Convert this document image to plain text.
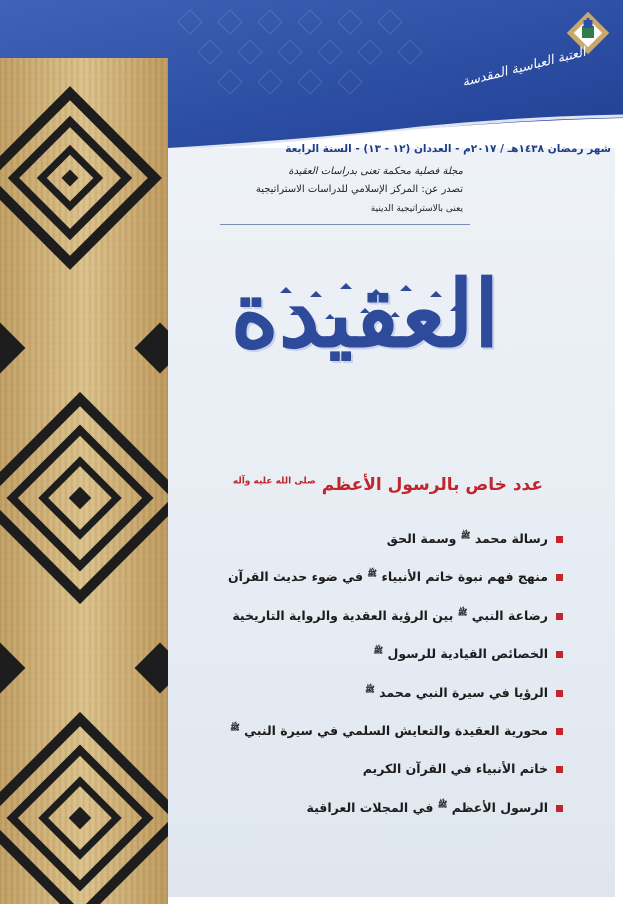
العتبة العباسية المقدسة
شهر رمضان ١٤٣٨هـ / ٢٠١٧م - العددان (١٢ - ١٣) - السنة الرابعة
مجلة فصلية محكمة تعنى بدراسات العقيدة
تصدر عن: المركز الإسلامي للدراسات الاستراتيجية
يعنى بالاستراتيجية الدينية
العقيدة
عدد خاص بالرسول الأعظم $^{صلى الله عليه وآله}$
رسالة محمد $^ﷺ$ وسمة الحق
منهج فهم نبوة خاتم الأنبياء $^ﷺ$ في ضوء حديث القرآن
رضاعة النبي $^ﷺ$ بين الرؤية العقدية والرواية التاريخية
الخصائص القيادية للرسول $^ﷺ$
الرؤيا في سيرة النبي محمد $^ﷺ$
محورية العقيدة والتعايش السلمي في سيرة النبي $^ﷺ$
خاتم الأنبياء في القرآن الكريم
الرسول الأعظم $^ﷺ$ في المجلات العراقية
